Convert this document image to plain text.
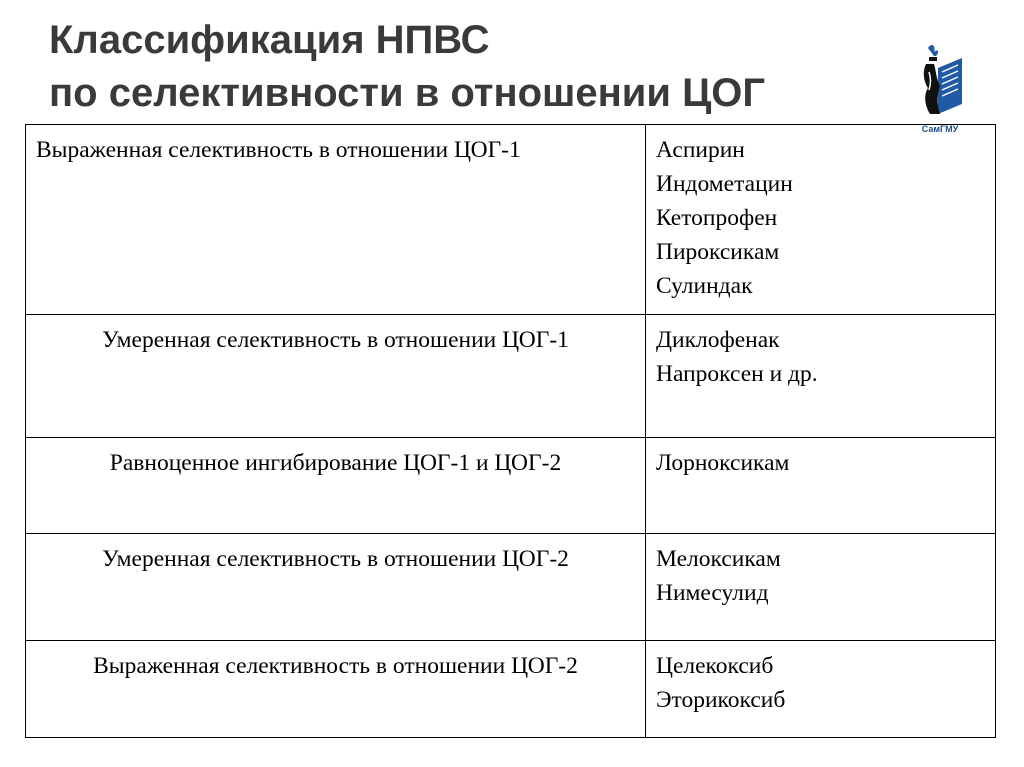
Классификация НПВС
по селективности в отношении ЦОГ
СамГМУ
Выраженная селективность в отношении ЦОГ-1	Аспирин
Индометацин
Кетопрофен
Пироксикам
Сулиндак

Умеренная селективность в отношении ЦОГ-1	Диклофенак
Напроксен и др.

Равноценное ингибирование ЦОГ-1 и ЦОГ-2	Лорноксикам

Умеренная селективность в отношении ЦОГ-2	Мелоксикам
Нимесулид

Выраженная селективность в отношении ЦОГ-2	Целекоксиб
Эторикоксиб
